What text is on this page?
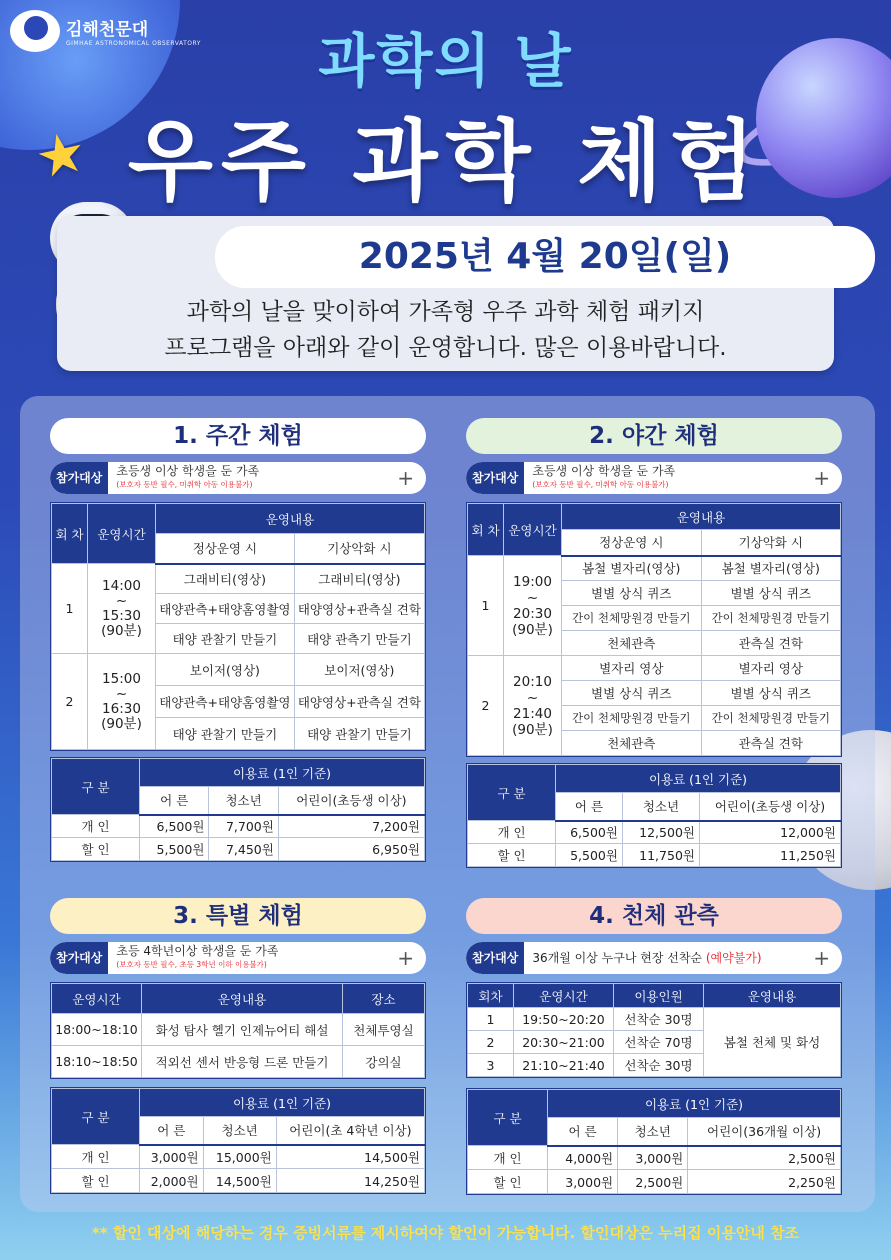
★
김해천문대
GIMHAE ASTRONOMICAL OBSERVATORY	과학의 날
우주 과학 체험
2025년 4월 20일(일)
과학의 날을 맞이하여 가족형 우주 과학 체험 패키지
프로그램을 아래와 같이 운영합니다. 많은 이용바랍니다.
1. 주간 체험
참가대상	초등생 이상 학생을 둔 가족
(보호자 동반 필수, 미취학 아동 이용불가)	+
회 차	운영시간	운영내용	
		정상운영 시	기상악화 시
1	14:00
~
15:30
(90분)	그래비티(영상)	그래비티(영상)
		태양관측+태양홈영촬영	태양영상+관측실 견학
		태양 관찰기 만들기	태양 관측기 만들기
2	15:00
~
16:30
(90분)	보이저(영상)	보이저(영상)
		태양관측+태양홈영촬영	태양영상+관측실 견학
		태양 관찰기 만들기	태양 관찰기 만들기
구 분	이용료 (1인 기준)		
	어 른	청소년	어린이(초등생 이상)
개 인	6,500원	7,700원	7,200원
할 인	5,500원	7,450원	6,950원
2. 야간 체험
참가대상	초등생 이상 학생을 둔 가족
(보호자 동반 필수, 미취학 아동 이용불가)	+
회 차	운영시간	운영내용	
		정상운영 시	기상악화 시
1	19:00
~
20:30
(90분)	봄철 별자리(영상)	봄철 별자리(영상)
		별별 상식 퀴즈	별별 상식 퀴즈
		간이 천체망원경 만들기	간이 천체망원경 만들기
		천체관측	관측실 견학
2	20:10
~
21:40
(90분)	별자리 영상	별자리 영상
		별별 상식 퀴즈	별별 상식 퀴즈
		간이 천체망원경 만들기	간이 천체망원경 만들기
		천체관측	관측실 견학
구 분	이용료 (1인 기준)		
	어 른	청소년	어린이(초등생 이상)
개 인	6,500원	12,500원	12,000원
할 인	5,500원	11,750원	11,250원
3. 특별 체험
참가대상	초등 4학년이상 학생을 둔 가족
(보호자 동반 필수, 초등 3학년 이하 이용불가)	+
운영시간	운영내용	장소
18:00~18:10	화성 탐사 헬기 인제뉴어티 해설	천체투영실
18:10~18:50	적외선 센서 반응형 드론 만들기	강의실
구 분	이용료 (1인 기준)		
	어 른	청소년	어린이(초 4학년 이상)
개 인	3,000원	15,000원	14,500원
할 인	2,000원	14,500원	14,250원
4. 천체 관측
참가대상	36개월 이상 누구나 현장 선착순 (예약불가)	+
회차	운영시간	이용인원	운영내용
1	19:50~20:20	선착순 30명	봄철 천체 및 화성
2	20:30~21:00	선착순 70명	
3	21:10~21:40	선착순 30명	
구 분	이용료 (1인 기준)		
	어 른	청소년	어린이(36개월 이상)
개 인	4,000원	3,000원	2,500원
할 인	3,000원	2,500원	2,250원
** 할인 대상에 해당하는 경우 증빙서류를 제시하여야 할인이 가능합니다. 할인대상은 누리집 이용안내 참조
